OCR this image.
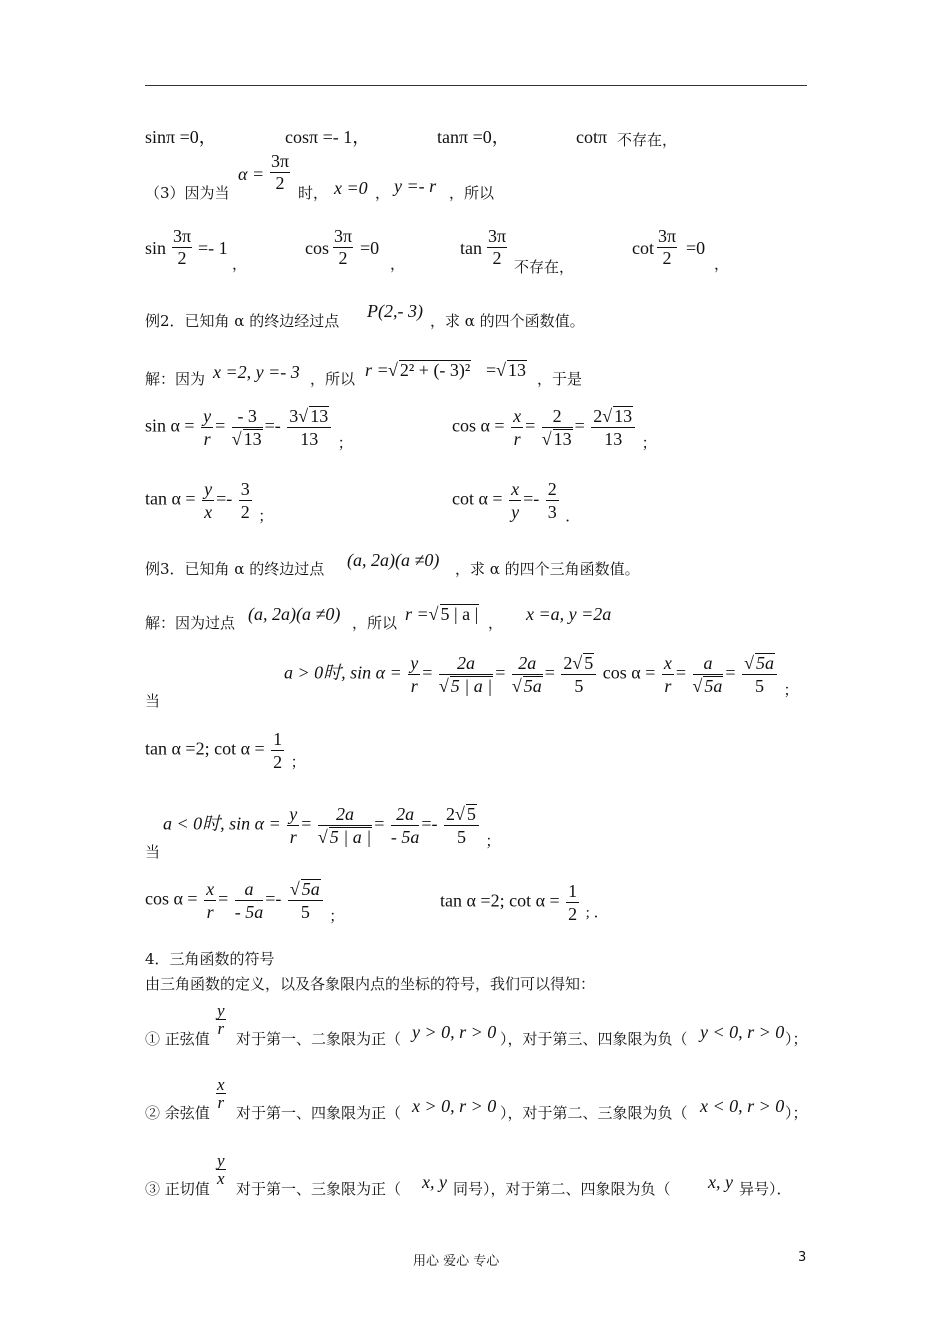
sinπ =0，	cosπ =- 1，	tanπ =0，	cotπ 不存在，
（3）因为当
$\alpha = \frac{3\pi}{2}$ 时， x =0 ， y =- r ，所以
$\sin \frac{3\pi}{2} =- 1$
，
$\cos \frac{3\pi}{2} =0$
，
$\tan \frac{3\pi}{2}$ 不存在，
$\cot \frac{3\pi}{2} =0$
，
例2．已知角 α 的终边经过点 P(2,- 3) ，求 α 的四个函数值。
解：因为 x =2, y =- 3 ，所以 r = √ 2² + (- 3)² =√ 13 ，于是
$\sin \alpha = \frac{y}{r} = \frac{- 3}{√ 13} =- \frac{3√ 13}{13} _;$
$\cos \alpha = \frac{x}{r} = \frac{2}{√ 13} = \frac{2√ 13}{13} _;$
$\tan \alpha = \frac{y}{x} =- \frac{3}{2} _;$
$\cot \alpha = \frac{x}{y} =- \frac{2}{3} _.$
例3．已知角 α 的终边过点 (a, 2a)(a ≠0) ，求 α 的四个三角函数值。
解：因为过点 (a, 2a)(a ≠0) ，所以 r =√ 5 | a | ， x =a, y =2a
当
a > 0时, $\sin \alpha = \frac{y}{r} = \frac{2a}{√ 5 | a |} = \frac{2a}{√ 5a} = \frac{2√ 5}{5}$ $\cos \alpha = \frac{x}{r} = \frac{a}{√ 5a} = \frac{√ 5a}{5} _;$
tan α =2; $\cot \alpha = \frac{1}{2} _;$
当
a < 0时, $\sin \alpha = \frac{y}{r} = \frac{2a}{√ 5 | a |} = \frac{2a}{- 5a} =- \frac{2√ 5}{5} _;$
$\cos \alpha = \frac{x}{r} = \frac{a}{- 5a} =- \frac{√ 5a}{5} _;$
tan α =2; $\cot \alpha = \frac{1}{2} _{; .}$
4．三角函数的符号
由三角函数的定义，以及各象限内点的坐标的符号，我们可以得知：
① 正弦值
$\frac{y}{r}$
对于第一、二象限为正（ y > 0, r > 0 ），对于第三、四象限为负（ y < 0, r > 0 ）；
② 余弦值
$\frac{x}{r}$
对于第一、四象限为正（ x > 0, r > 0 ），对于第二、三象限为负（ x < 0, r > 0 ）；
③ 正切值
$\frac{y}{x}$
对于第一、三象限为正（ x, y 同号），对于第二、四象限为负（ x, y 异号）．
用心 爱心 专心	3
